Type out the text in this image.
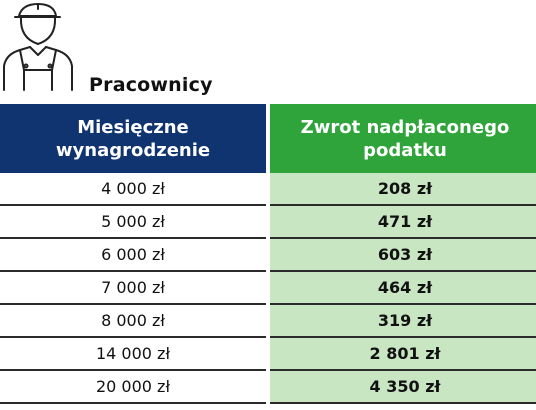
Pracownicy
Miesięczne wynagrodzenie	Zwrot nadpłaconego podatku
4 000 zł	208 zł
5 000 zł	471 zł
6 000 zł	603 zł
7 000 zł	464 zł
8 000 zł	319 zł
14 000 zł	2 801 zł
20 000 zł	4 350 zł
